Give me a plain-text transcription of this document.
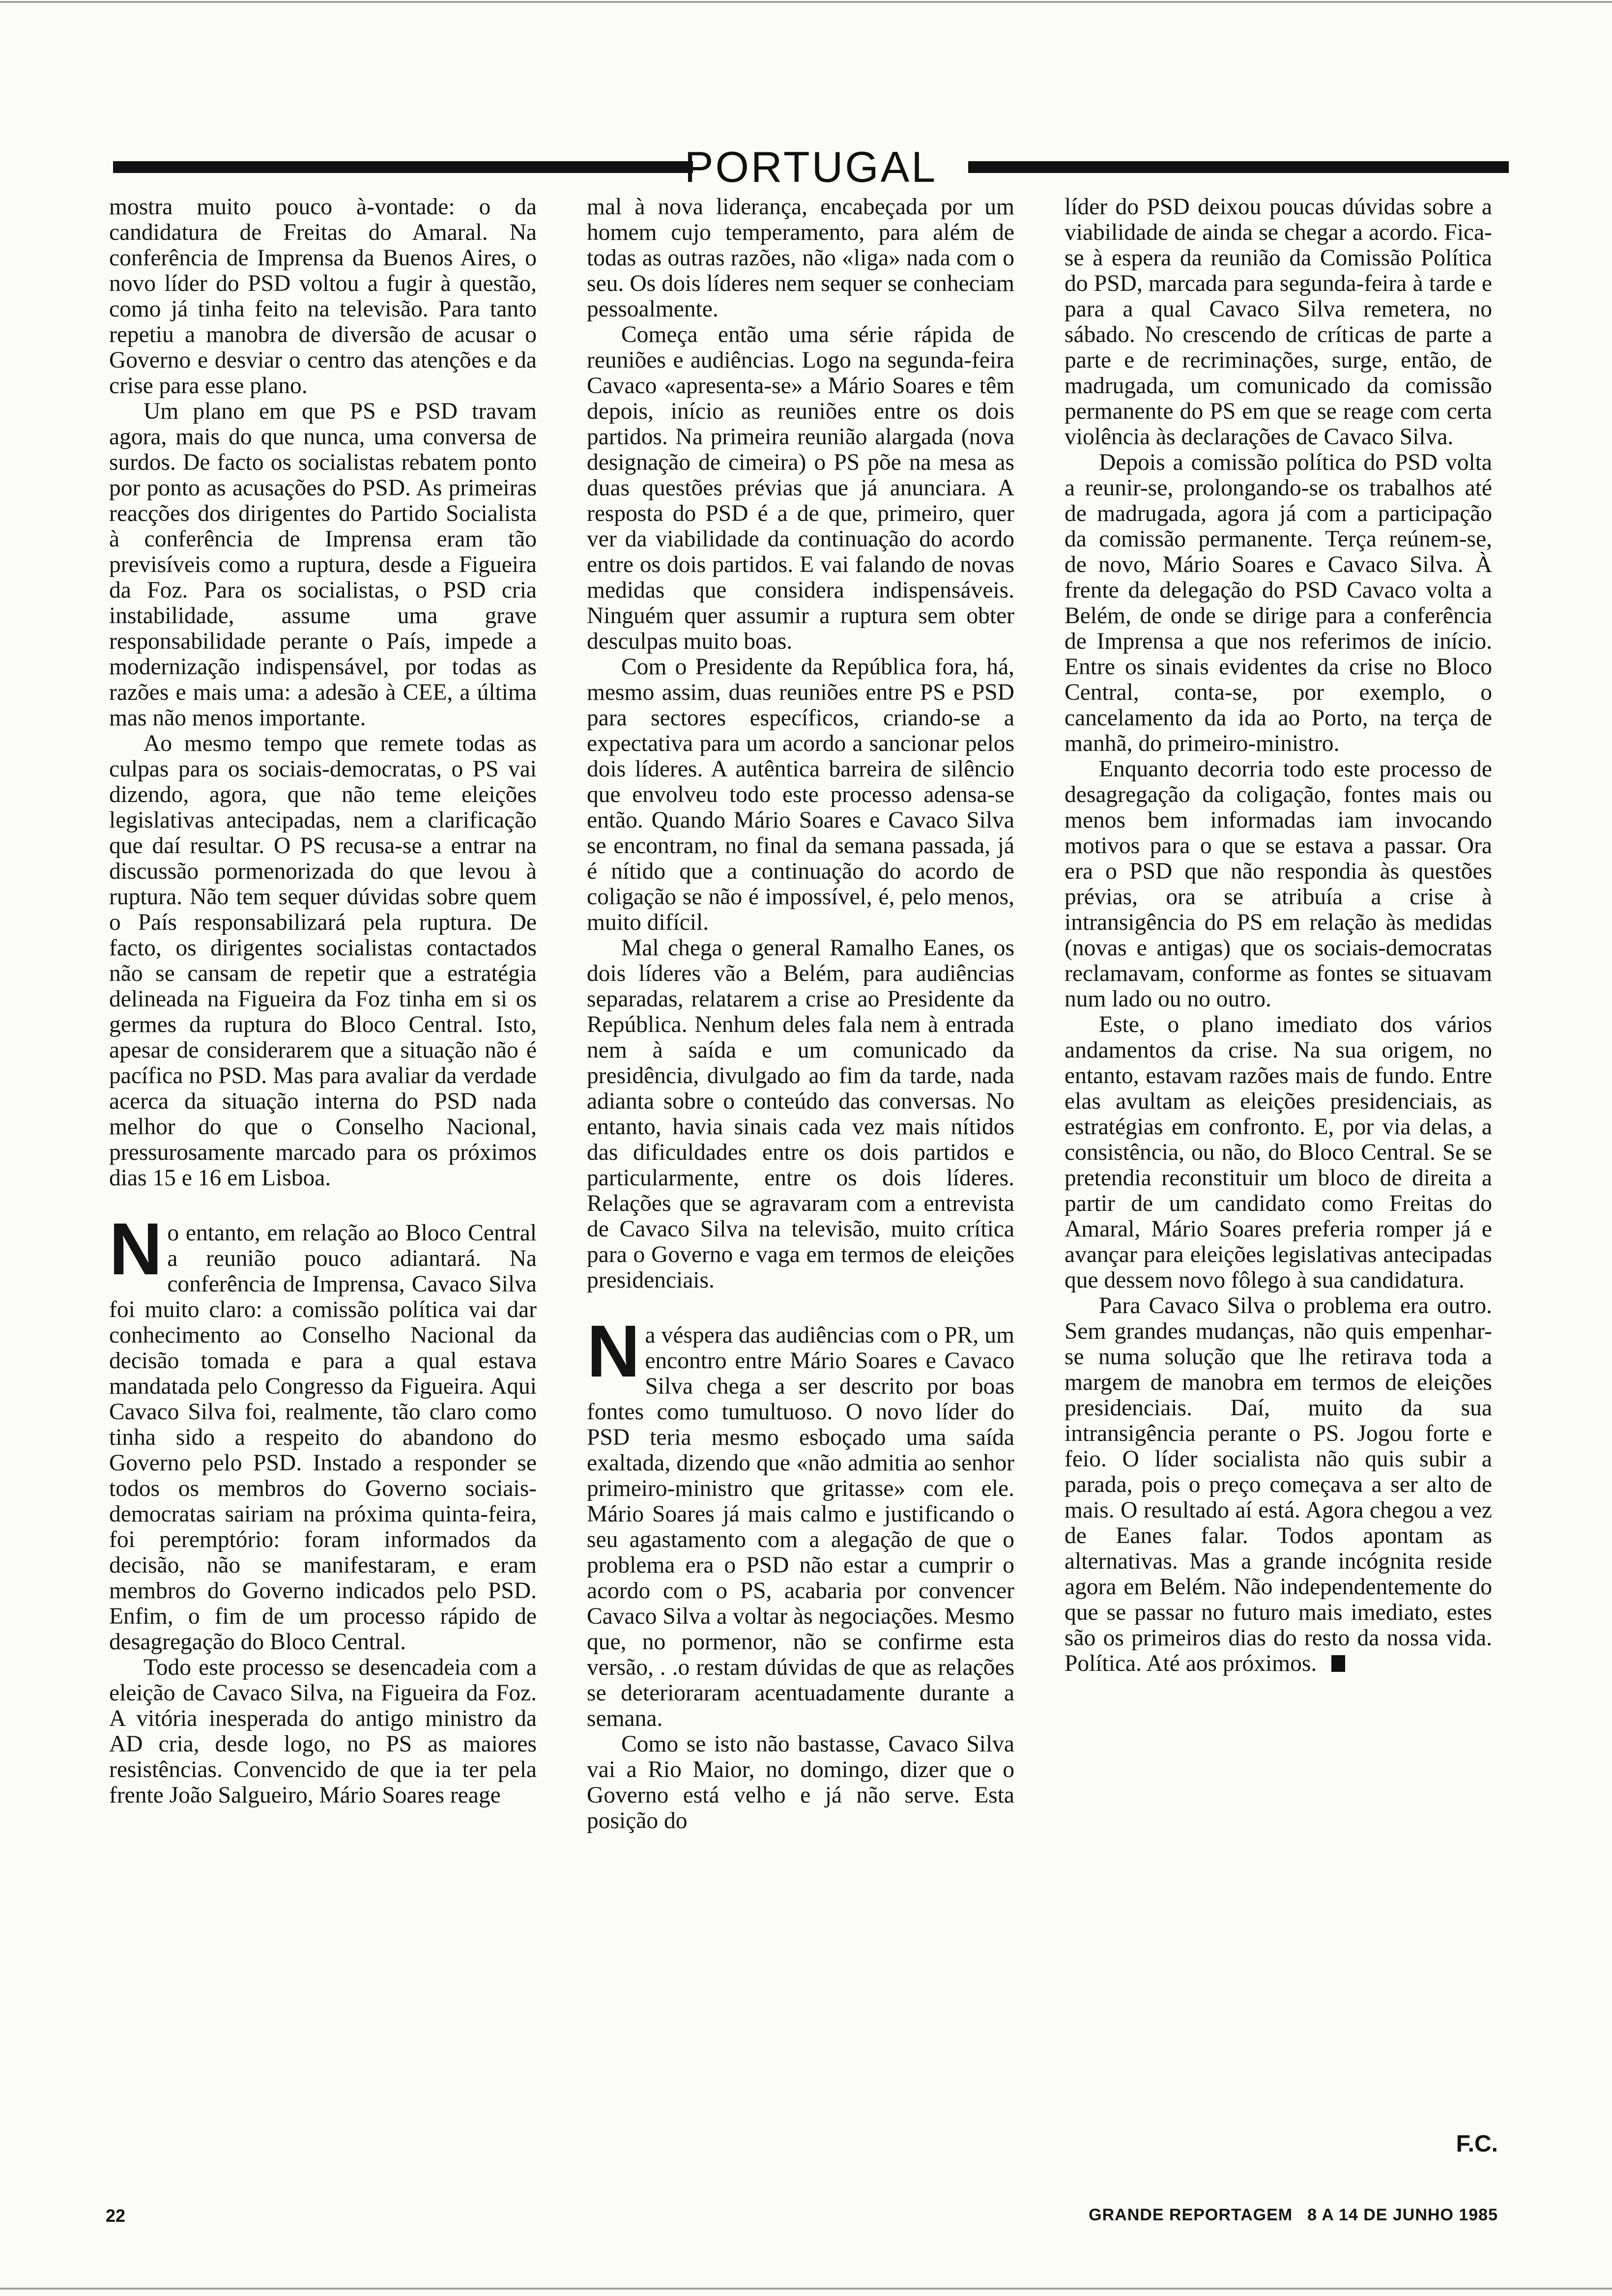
PORTUGAL

mostra muito pouco à-vontade: o da candidatura de Freitas do Amaral. Na conferência de Imprensa da Buenos Aires, o novo líder do PSD voltou a fugir à questão, como já tinha feito na televisão. Para tanto repetiu a manobra de diversão de acusar o Governo e desviar o centro das atenções e da crise para esse plano.

Um plano em que PS e PSD travam agora, mais do que nunca, uma conversa de surdos. De facto os socialistas rebatem ponto por ponto as acusações do PSD. As primeiras reacções dos dirigentes do Partido Socialista à conferência de Imprensa eram tão previsíveis como a ruptura, desde a Figueira da Foz. Para os socialistas, o PSD cria instabilidade, assume uma grave responsabilidade perante o País, impede a modernização indispensável, por todas as razões e mais uma: a adesão à CEE, a última mas não menos importante.

Ao mesmo tempo que remete todas as culpas para os sociais-democratas, o PS vai dizendo, agora, que não teme eleições legislativas antecipadas, nem a clarificação que daí resultar. O PS recusa-se a entrar na discussão pormenorizada do que levou à ruptura. Não tem sequer dúvidas sobre quem o País responsabilizará pela ruptura. De facto, os dirigentes socialistas contactados não se cansam de repetir que a estratégia delineada na Figueira da Foz tinha em si os germes da ruptura do Bloco Central. Isto, apesar de considerarem que a situação não é pacífica no PSD. Mas para avaliar da verdade acerca da situação interna do PSD nada melhor do que o Conselho Nacional, pressurosamente marcado para os próximos dias 15 e 16 em Lisboa.

No entanto, em relação ao Bloco Central a reunião pouco adiantará. Na conferência de Imprensa, Cavaco Silva foi muito claro: a comissão política vai dar conhecimento ao Conselho Nacional da decisão tomada e para a qual estava mandatada pelo Congresso da Figueira. Aqui Cavaco Silva foi, realmente, tão claro como tinha sido a respeito do abandono do Governo pelo PSD. Instado a responder se todos os membros do Governo sociais-democratas sairiam na próxima quinta-feira, foi peremptório: foram informados da decisão, não se manifestaram, e eram membros do Governo indicados pelo PSD. Enfim, o fim de um processo rápido de desagregação do Bloco Central.

Todo este processo se desencadeia com a eleição de Cavaco Silva, na Figueira da Foz. A vitória inesperada do antigo ministro da AD cria, desde logo, no PS as maiores resistências. Convencido de que ia ter pela frente João Salgueiro, Mário Soares reage

mal à nova liderança, encabeçada por um homem cujo temperamento, para além de todas as outras razões, não «liga» nada com o seu. Os dois líderes nem sequer se conheciam pessoalmente.

Começa então uma série rápida de reuniões e audiências. Logo na segunda-feira Cavaco «apresenta-se» a Mário Soares e têm depois, início as reuniões entre os dois partidos. Na primeira reunião alargada (nova designação de cimeira) o PS põe na mesa as duas questões prévias que já anunciara. A resposta do PSD é a de que, primeiro, quer ver da viabilidade da continuação do acordo entre os dois partidos. E vai falando de novas medidas que considera indispensáveis. Ninguém quer assumir a ruptura sem obter desculpas muito boas.

Com o Presidente da República fora, há, mesmo assim, duas reuniões entre PS e PSD para sectores específicos, criando-se a expectativa para um acordo a sancionar pelos dois líderes. A autêntica barreira de silêncio que envolveu todo este processo adensa-se então. Quando Mário Soares e Cavaco Silva se encontram, no final da semana passada, já é nítido que a continuação do acordo de coligação se não é impossível, é, pelo menos, muito difícil.

Mal chega o general Ramalho Eanes, os dois líderes vão a Belém, para audiências separadas, relatarem a crise ao Presidente da República. Nenhum deles fala nem à entrada nem à saída e um comunicado da presidência, divulgado ao fim da tarde, nada adianta sobre o conteúdo das conversas. No entanto, havia sinais cada vez mais nítidos das dificuldades entre os dois partidos e particularmente, entre os dois líderes. Relações que se agravaram com a entrevista de Cavaco Silva na televisão, muito crítica para o Governo e vaga em termos de eleições presidenciais.

Na véspera das audiências com o PR, um encontro entre Mário Soares e Cavaco Silva chega a ser descrito por boas fontes como tumultuoso. O novo líder do PSD teria mesmo esboçado uma saída exaltada, dizendo que «não admitia ao senhor primeiro-ministro que gritasse» com ele. Mário Soares já mais calmo e justificando o seu agastamento com a alegação de que o problema era o PSD não estar a cumprir o acordo com o PS, acabaria por convencer Cavaco Silva a voltar às negociações. Mesmo que, no pormenor, não se confirme esta versão, . .o restam dúvidas de que as relações se deterioraram acentuadamente durante a semana.

Como se isto não bastasse, Cavaco Silva vai a Rio Maior, no domingo, dizer que o Governo está velho e já não serve. Esta posição do

líder do PSD deixou poucas dúvidas sobre a viabilidade de ainda se chegar a acordo. Fica-se à espera da reunião da Comissão Política do PSD, marcada para segunda-feira à tarde e para a qual Cavaco Silva remetera, no sábado. No crescendo de críticas de parte a parte e de recriminações, surge, então, de madrugada, um comunicado da comissão permanente do PS em que se reage com certa violência às declarações de Cavaco Silva.

Depois a comissão política do PSD volta a reunir-se, prolongando-se os trabalhos até de madrugada, agora já com a participação da comissão permanente. Terça reúnem-se, de novo, Mário Soares e Cavaco Silva. À frente da delegação do PSD Cavaco volta a Belém, de onde se dirige para a conferência de Imprensa a que nos referimos de início. Entre os sinais evidentes da crise no Bloco Central, conta-se, por exemplo, o cancelamento da ida ao Porto, na terça de manhã, do primeiro-ministro.

Enquanto decorria todo este processo de desagregação da coligação, fontes mais ou menos bem informadas iam invocando motivos para o que se estava a passar. Ora era o PSD que não respondia às questões prévias, ora se atribuía a crise à intransigência do PS em relação às medidas (novas e antigas) que os sociais-democratas reclamavam, conforme as fontes se situavam num lado ou no outro.

Este, o plano imediato dos vários andamentos da crise. Na sua origem, no entanto, estavam razões mais de fundo. Entre elas avultam as eleições presidenciais, as estratégias em confronto. E, por via delas, a consistência, ou não, do Bloco Central. Se se pretendia reconstituir um bloco de direita a partir de um candidato como Freitas do Amaral, Mário Soares preferia romper já e avançar para eleições legislativas antecipadas que dessem novo fôlego à sua candidatura.

Para Cavaco Silva o problema era outro. Sem grandes mudanças, não quis empenhar-se numa solução que lhe retirava toda a margem de manobra em termos de eleições presidenciais. Daí, muito da sua intransigência perante o PS. Jogou forte e feio. O líder socialista não quis subir a parada, pois o preço começava a ser alto de mais. O resultado aí está. Agora chegou a vez de Eanes falar. Todos apontam as alternativas. Mas a grande incógnita reside agora em Belém. Não independentemente do que se passar no futuro mais imediato, estes são os primeiros dias do resto da nossa vida. Política. Até aos próximos.

F.C.
22	GRANDE REPORTAGEM 8 A 14 DE JUNHO 1985
